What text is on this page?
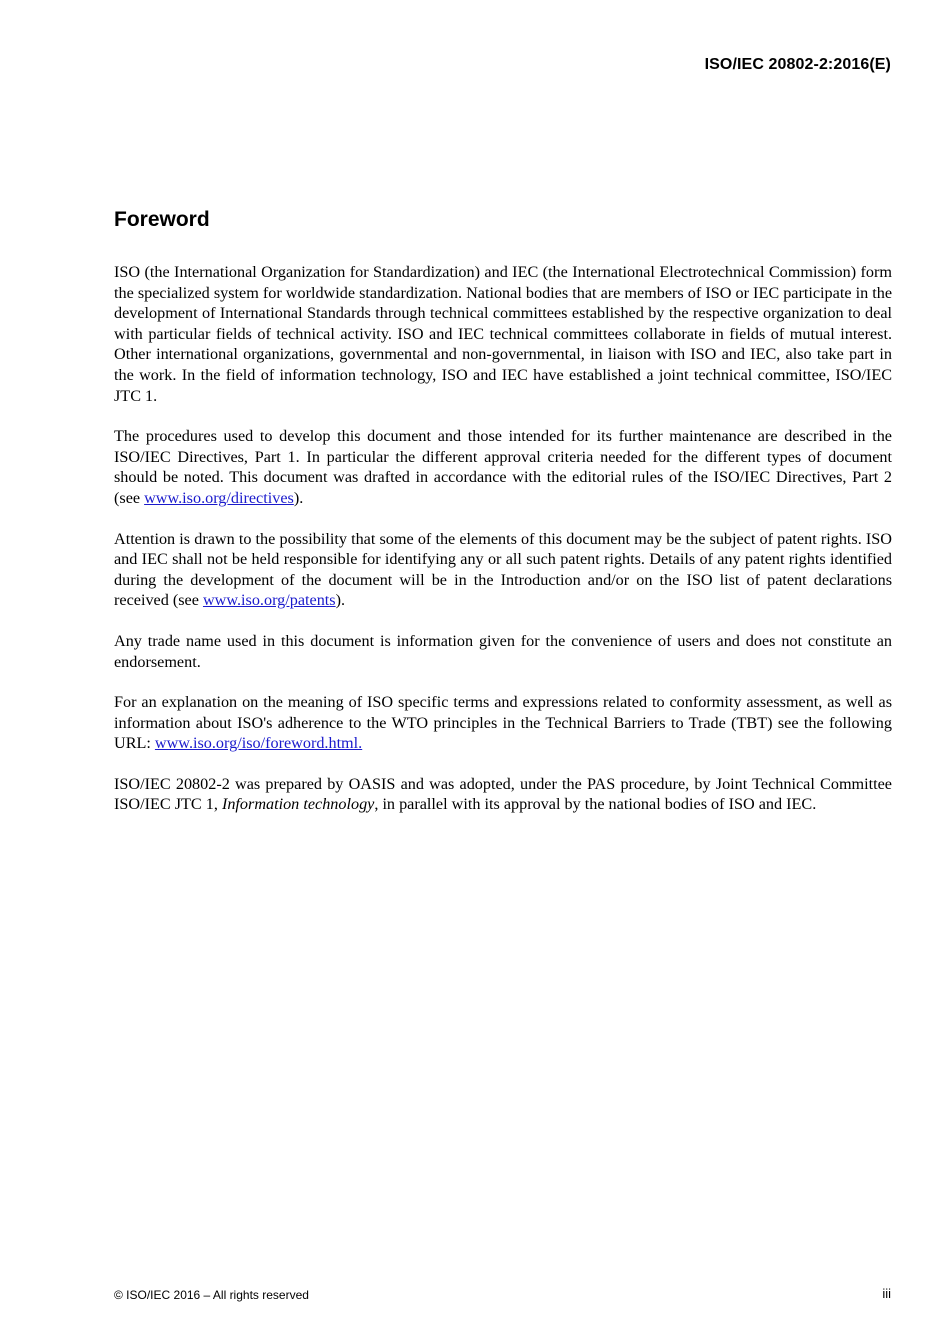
ISO/IEC 20802-2:2016(E)
Foreword

ISO (the International Organization for Standardization) and IEC (the International Electrotechnical Commission) form the specialized system for worldwide standardization. National bodies that are members of ISO or IEC participate in the development of International Standards through technical committees established by the respective organization to deal with particular fields of technical activity. ISO and IEC technical committees collaborate in fields of mutual interest. Other international organizations, governmental and non-governmental, in liaison with ISO and IEC, also take part in the work. In the field of information technology, ISO and IEC have established a joint technical committee, ISO/IEC JTC 1.

The procedures used to develop this document and those intended for its further maintenance are described in the ISO/IEC Directives, Part 1. In particular the different approval criteria needed for the different types of document should be noted. This document was drafted in accordance with the editorial rules of the ISO/IEC Directives, Part 2 (see www.iso.org/directives).

Attention is drawn to the possibility that some of the elements of this document may be the subject of patent rights. ISO and IEC shall not be held responsible for identifying any or all such patent rights. Details of any patent rights identified during the development of the document will be in the Introduction and/or on the ISO list of patent declarations received (see www.iso.org/patents).

Any trade name used in this document is information given for the convenience of users and does not constitute an endorsement.

For an explanation on the meaning of ISO specific terms and expressions related to conformity assessment, as well as information about ISO's adherence to the WTO principles in the Technical Barriers to Trade (TBT) see the following URL: www.iso.org/iso/foreword.html.

ISO/IEC 20802-2 was prepared by OASIS and was adopted, under the PAS procedure, by Joint Technical Committee ISO/IEC JTC 1, Information technology, in parallel with its approval by the national bodies of ISO and IEC.

© ISO/IEC 2016 – All rights reserved	iii
